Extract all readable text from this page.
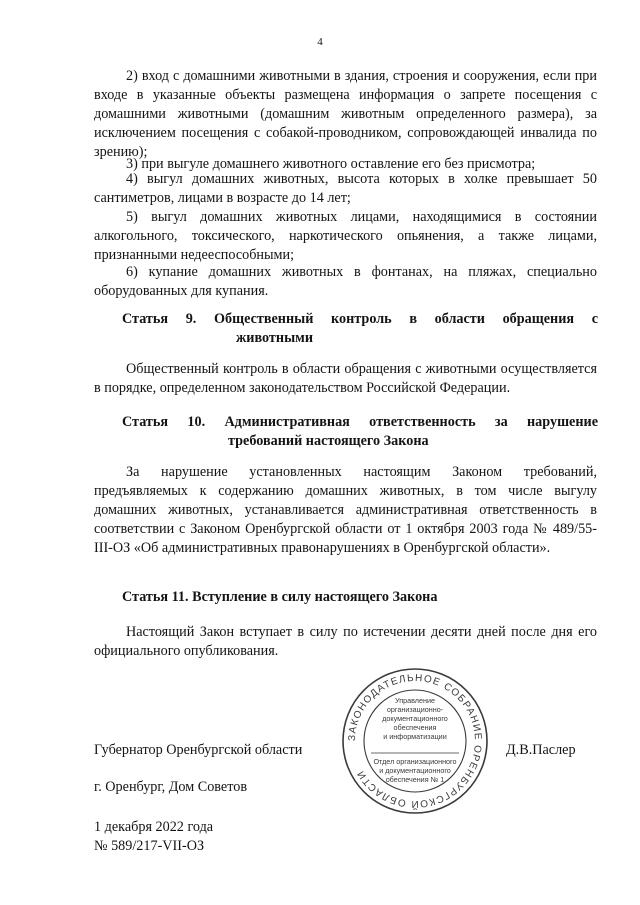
4

2) вход с домашними животными в здания, строения и сооружения, если при входе в указанные объекты размещена информация о запрете посещения с домашними животными (домашним животным определенного размера), за исключением посещения с собакой-проводником, сопровождающей инвалида по зрению);

3) при выгуле домашнего животного оставление его без присмотра;

4) выгул домашних животных, высота которых в холке превышает 50 сантиметров, лицами в возрасте до 14 лет;

5) выгул домашних животных лицами, находящимися в состоянии алкогольного, токсического, наркотического опьянения, а также лицами, признанными недееспособными;

6) купание домашних животных в фонтанах, на пляжах, специально оборудованных для купания.

Статья 9. Общественный контроль в области обращения с

животными

Общественный контроль в области обращения с животными осуществляется в порядке, определенном законодательством Российской Федерации.

Статья 10. Административная ответственность за нарушение

требований настоящего Закона

За нарушение установленных настоящим Законом требований, предъявляемых к содержанию домашних животных, в том числе выгулу домашних животных, устанавливается административная ответственность в соответствии с Законом Оренбургской области от 1 октября 2003 года № 489/55-III-ОЗ «Об административных правонарушениях в Оренбургской области».

Статья 11. Вступление в силу настоящего Закона

Настоящий Закон вступает в силу по истечении десяти дней после дня его официального опубликования.

Губернатор Оренбургской области	Д.В.Паслер

г. Оренбург, Дом Советов

1 декабря 2022 года

№ 589/217-VII-ОЗ

ЗАКОНОДАТЕЛЬНОЕ СОБРАНИЕ ОРЕНБУРГСКОЙ ОБЛАСТИ
Управление
организационно-
документационного
обеспечения
и информатизации
Отдел организационного
и документационного
обеспечения № 1
